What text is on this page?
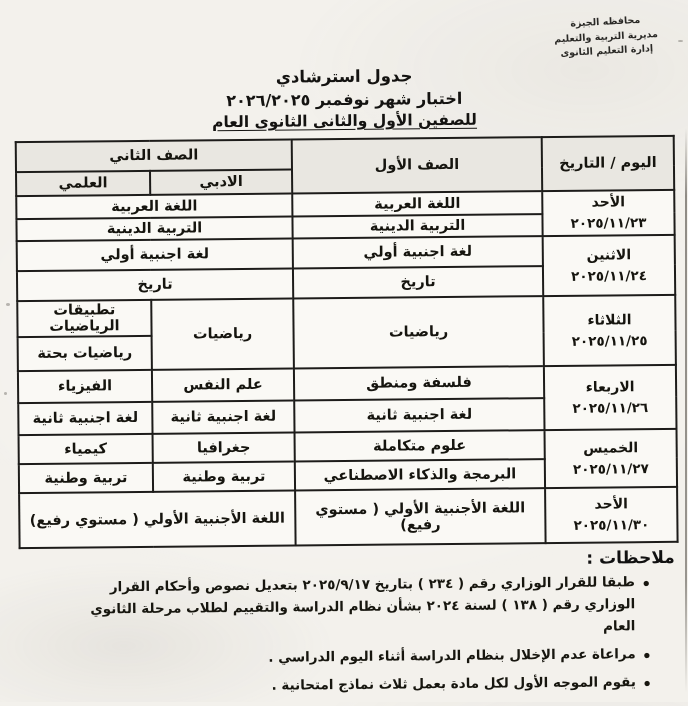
محافظه الجيزة
مديرية التربية والتعليم
إدارة التعليم الثانوى
جدول استرشادي
اختبار شهر نوفمبر ٢٠٢٦/٢٠٢٥
للصفين الأول والثانى الثانوى العام
اليوم / التاريخ	الصف الأول	الصف الثاني	
		الادبي	العلمي

الأحد
٢٠٢٥/١١/٢٣	اللغة العربية	اللغة العربية	
	التربية الدينية	التربية الدينية	

الاثنين
٢٠٢٥/١١/٢٤	لغة اجنبية أولي	لغة اجنبية أولي	
	تاريخ	تاريخ	

الثلاثاء
٢٠٢٥/١١/٢٥	رياضيات	رياضيات	تطبيقات الرياضيات
			رياضيات بحتة

الاربعاء
٢٠٢٥/١١/٢٦	فلسفة ومنطق	علم النفس	الفيزياء
	لغة اجنبية ثانية	لغة اجنبية ثانية	لغة اجنبية ثانية

الخميس
٢٠٢٥/١١/٢٧	علوم متكاملة	جغرافيا	كيمياء
	البرمجة والذكاء الاصطناعي	تربية وطنية	تربية وطنية

الأحد
٢٠٢٥/١١/٣٠	اللغة الأجنبية الأولي ( مستوي رفيع)	اللغة الأجنبية الأولي ( مستوي رفيع)	
ملاحظات :
• طبقا للقرار الوزاري رقم ( ٢٣٤ ) بتاريخ ٢٠٢٥/٩/١٧ بتعديل نصوص وأحكام القرار الوزاري رقم ( ١٣٨ ) لسنة ٢٠٢٤ بشأن نظام الدراسة والتقييم لطلاب مرحلة الثانوي العام
• مراعاة عدم الإخلال بنظام الدراسة أثناء اليوم الدراسي .
• يقوم الموجه الأول لكل مادة بعمل ثلاث نماذج امتحانية .
